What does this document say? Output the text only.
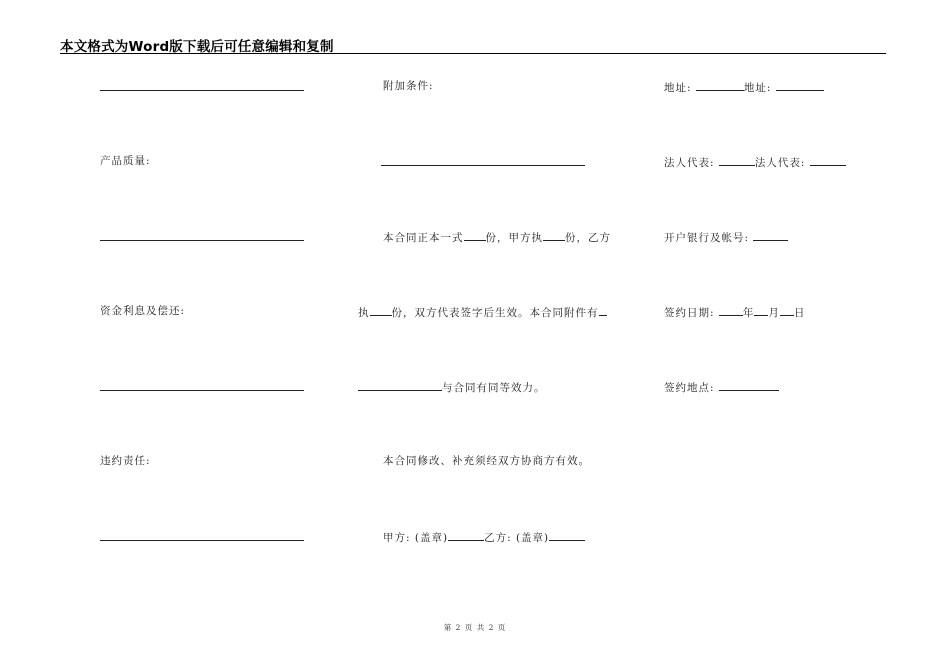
本文格式为Word版下载后可任意编辑和复制
产品质量:
资金利息及偿还:
违约责任:
附加条件:
本合同正本一式 份，甲方执 份，乙方
执 份，双方代表签字后生效。本合同附件有
与合同有同等效力。
本合同修改、补充须经双方协商方有效。
甲方: (盖章)	乙方: (盖章)
地址:	地址:
法人代表:	法人代表:
开户银行及帐号:
签约日期:	年 月 日
签约地点:
第 2 页 共 2 页
